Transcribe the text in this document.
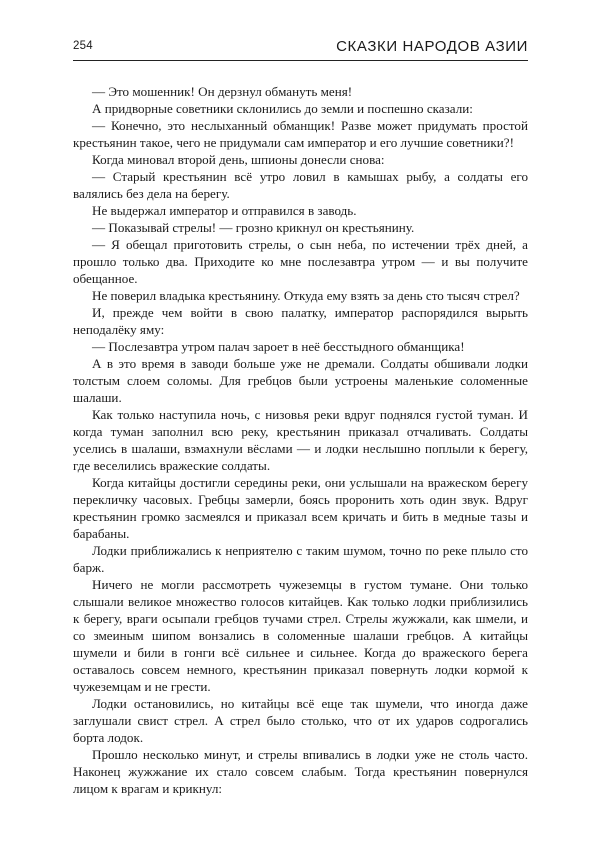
254	СКАЗКИ НАРОДОВ АЗИИ

— Это мошенник! Он дерзнул обмануть меня!

А придворные советники склонились до земли и поспешно сказали:

— Конечно, это неслыханный обманщик! Разве может придумать простой крестьянин такое, чего не придумали сам император и его лучшие советники?!

Когда миновал второй день, шпионы донесли снова:

— Старый крестьянин всё утро ловил в камышах рыбу, а солдаты его валялись без дела на берегу.

Не выдержал император и отправился в заводь.

— Показывай стрелы! — грозно крикнул он крестьянину.

— Я обещал приготовить стрелы, о сын неба, по истечении трёх дней, а прошло только два. Приходите ко мне послезавтра утром — и вы получите обещанное.

Не поверил владыка крестьянину. Откуда ему взять за день сто тысяч стрел?

И, прежде чем войти в свою палатку, император распорядился вырыть неподалёку яму:

— Послезавтра утром палач зароет в неё бесстыдного обманщика!

А в это время в заводи больше уже не дремали. Солдаты обшивали лодки толстым слоем соломы. Для гребцов были устроены маленькие соломенные шалаши.

Как только наступила ночь, с низовья реки вдруг поднялся густой туман. И когда туман заполнил всю реку, крестьянин приказал отчаливать. Солдаты уселись в шалаши, взмахнули вёслами — и лодки неслышно поплыли к берегу, где веселились вражеские солдаты.

Когда китайцы достигли середины реки, они услышали на вражеском берегу перекличку часовых. Гребцы замерли, боясь проронить хоть один звук. Вдруг крестьянин громко засмеялся и приказал всем кричать и бить в медные тазы и барабаны.

Лодки приближались к неприятелю с таким шумом, точно по реке плыло сто барж.

Ничего не могли рассмотреть чужеземцы в густом тумане. Они только слышали великое множество голосов китайцев. Как только лодки приблизились к берегу, враги осыпали гребцов тучами стрел. Стрелы жужжали, как шмели, и со змеиным шипом вонзались в соломенные шалаши гребцов. А китайцы шумели и били в гонги всё сильнее и сильнее. Когда до вражеского берега оставалось совсем немного, крестьянин приказал повернуть лодки кормой к чужеземцам и не грести.

Лодки остановились, но китайцы всё еще так шумели, что иногда даже заглушали свист стрел. А стрел было столько, что от их ударов содрогались борта лодок.

Прошло несколько минут, и стрелы впивались в лодки уже не столь часто. Наконец жужжание их стало совсем слабым. Тогда крестьянин повернулся лицом к врагам и крикнул:
